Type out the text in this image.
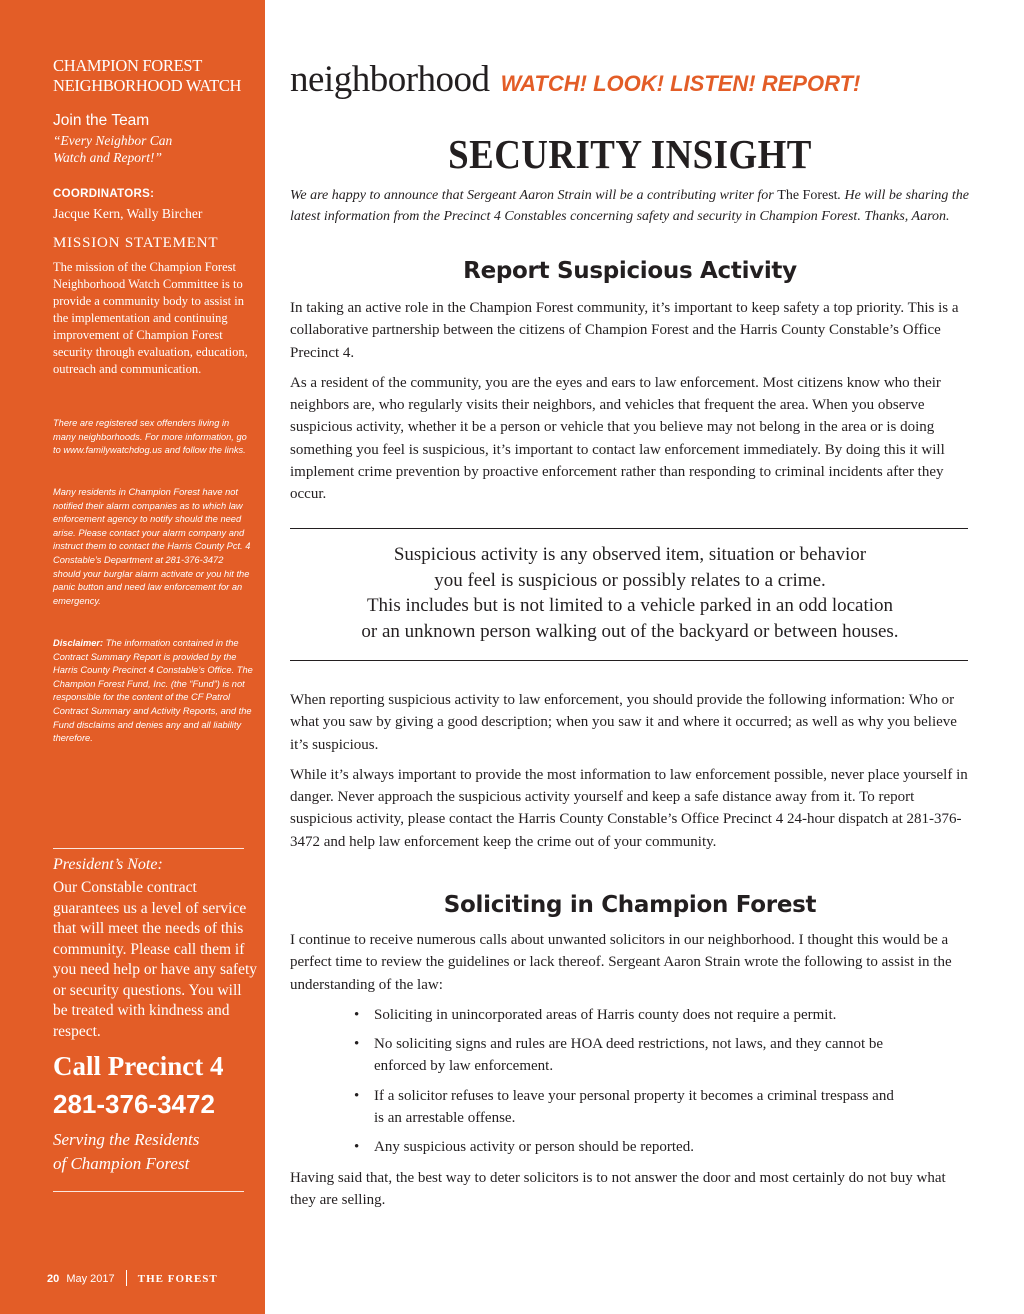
CHAMPION FOREST
NEIGHBORHOOD WATCH
Join the Team
“Every Neighbor Can
Watch and Report!”
COORDINATORS:
Jacque Kern, Wally Bircher
MISSION STATEMENT
The mission of the Champion Forest Neighborhood Watch Committee is to provide a community body to assist in the implementation and continuing improvement of Champion Forest security through evaluation, education, outreach and communication.
There are registered sex offenders living in many neighborhoods. For more information, go to www.familywatchdog.us and follow the links.
Many residents in Champion Forest have not notified their alarm companies as to which law enforcement agency to notify should the need arise. Please contact your alarm company and instruct them to contact the Harris County Pct. 4 Constable’s Department at 281-376-3472 should your burglar alarm activate or you hit the panic button and need law enforcement for an emergency.
Disclaimer: The information contained in the Contract Summary Report is provided by the Harris County Precinct 4 Constable’s Office. The Champion Forest Fund, Inc. (the “Fund”) is not responsible for the content of the CF Patrol Contract Summary and Activity Reports, and the Fund disclaims and denies any and all liability therefore.
President’s Note:
Our Constable contract guarantees us a level of service that will meet the needs of this community. Please call them if you need help or have any safety or security questions. You will be treated with kindness and respect.
Call Precinct 4
281-376-3472
Serving the Residents
of Champion Forest
20 May 2017 THE FOREST
neighborhood WATCH! LOOK! LISTEN! REPORT!
SECURITY INSIGHT
We are happy to announce that Sergeant Aaron Strain will be a contributing writer for The Forest. He will be sharing the latest information from the Precinct 4 Constables concerning safety and security in Champion Forest. Thanks, Aaron.
Report Suspicious Activity

In taking an active role in the Champion Forest community, it’s important to keep safety a top priority. This is a collaborative partnership between the citizens of Champion Forest and the Harris County Constable’s Office Precinct 4.

As a resident of the community, you are the eyes and ears to law enforcement. Most citizens know who their neighbors are, who regularly visits their neighbors, and vehicles that frequent the area. When you observe suspicious activity, whether it be a person or vehicle that you believe may not belong in the area or is doing something you feel is suspicious, it’s important to contact law enforcement immediately. By doing this it will implement crime prevention by proactive enforcement rather than responding to criminal incidents after they occur.

Suspicious activity is any observed item, situation or behavior
you feel is suspicious or possibly relates to a crime.
This includes but is not limited to a vehicle parked in an odd location
or an unknown person walking out of the backyard or between houses.

When reporting suspicious activity to law enforcement, you should provide the following information: Who or what you saw by giving a good description; when you saw it and where it occurred; as well as why you believe it’s suspicious.

While it’s always important to provide the most information to law enforcement possible, never place yourself in danger. Never approach the suspicious activity yourself and keep a safe distance away from it. To report suspicious activity, please contact the Harris County Constable’s Office Precinct 4 24-hour dispatch at 281-376-3472 and help law enforcement keep the crime out of your community.

Soliciting in Champion Forest

I continue to receive numerous calls about unwanted solicitors in our neighborhood. I thought this would be a perfect time to review the guidelines or lack thereof. Sergeant Aaron Strain wrote the following to assist in the understanding of the law:

• Soliciting in unincorporated areas of Harris county does not require a permit.
• No soliciting signs and rules are HOA deed restrictions, not laws, and they cannot be enforced by law enforcement.
• If a solicitor refuses to leave your personal property it becomes a criminal trespass and is an arrestable offense.
• Any suspicious activity or person should be reported.

Having said that, the best way to deter solicitors is to not answer the door and most certainly do not buy what they are selling.
